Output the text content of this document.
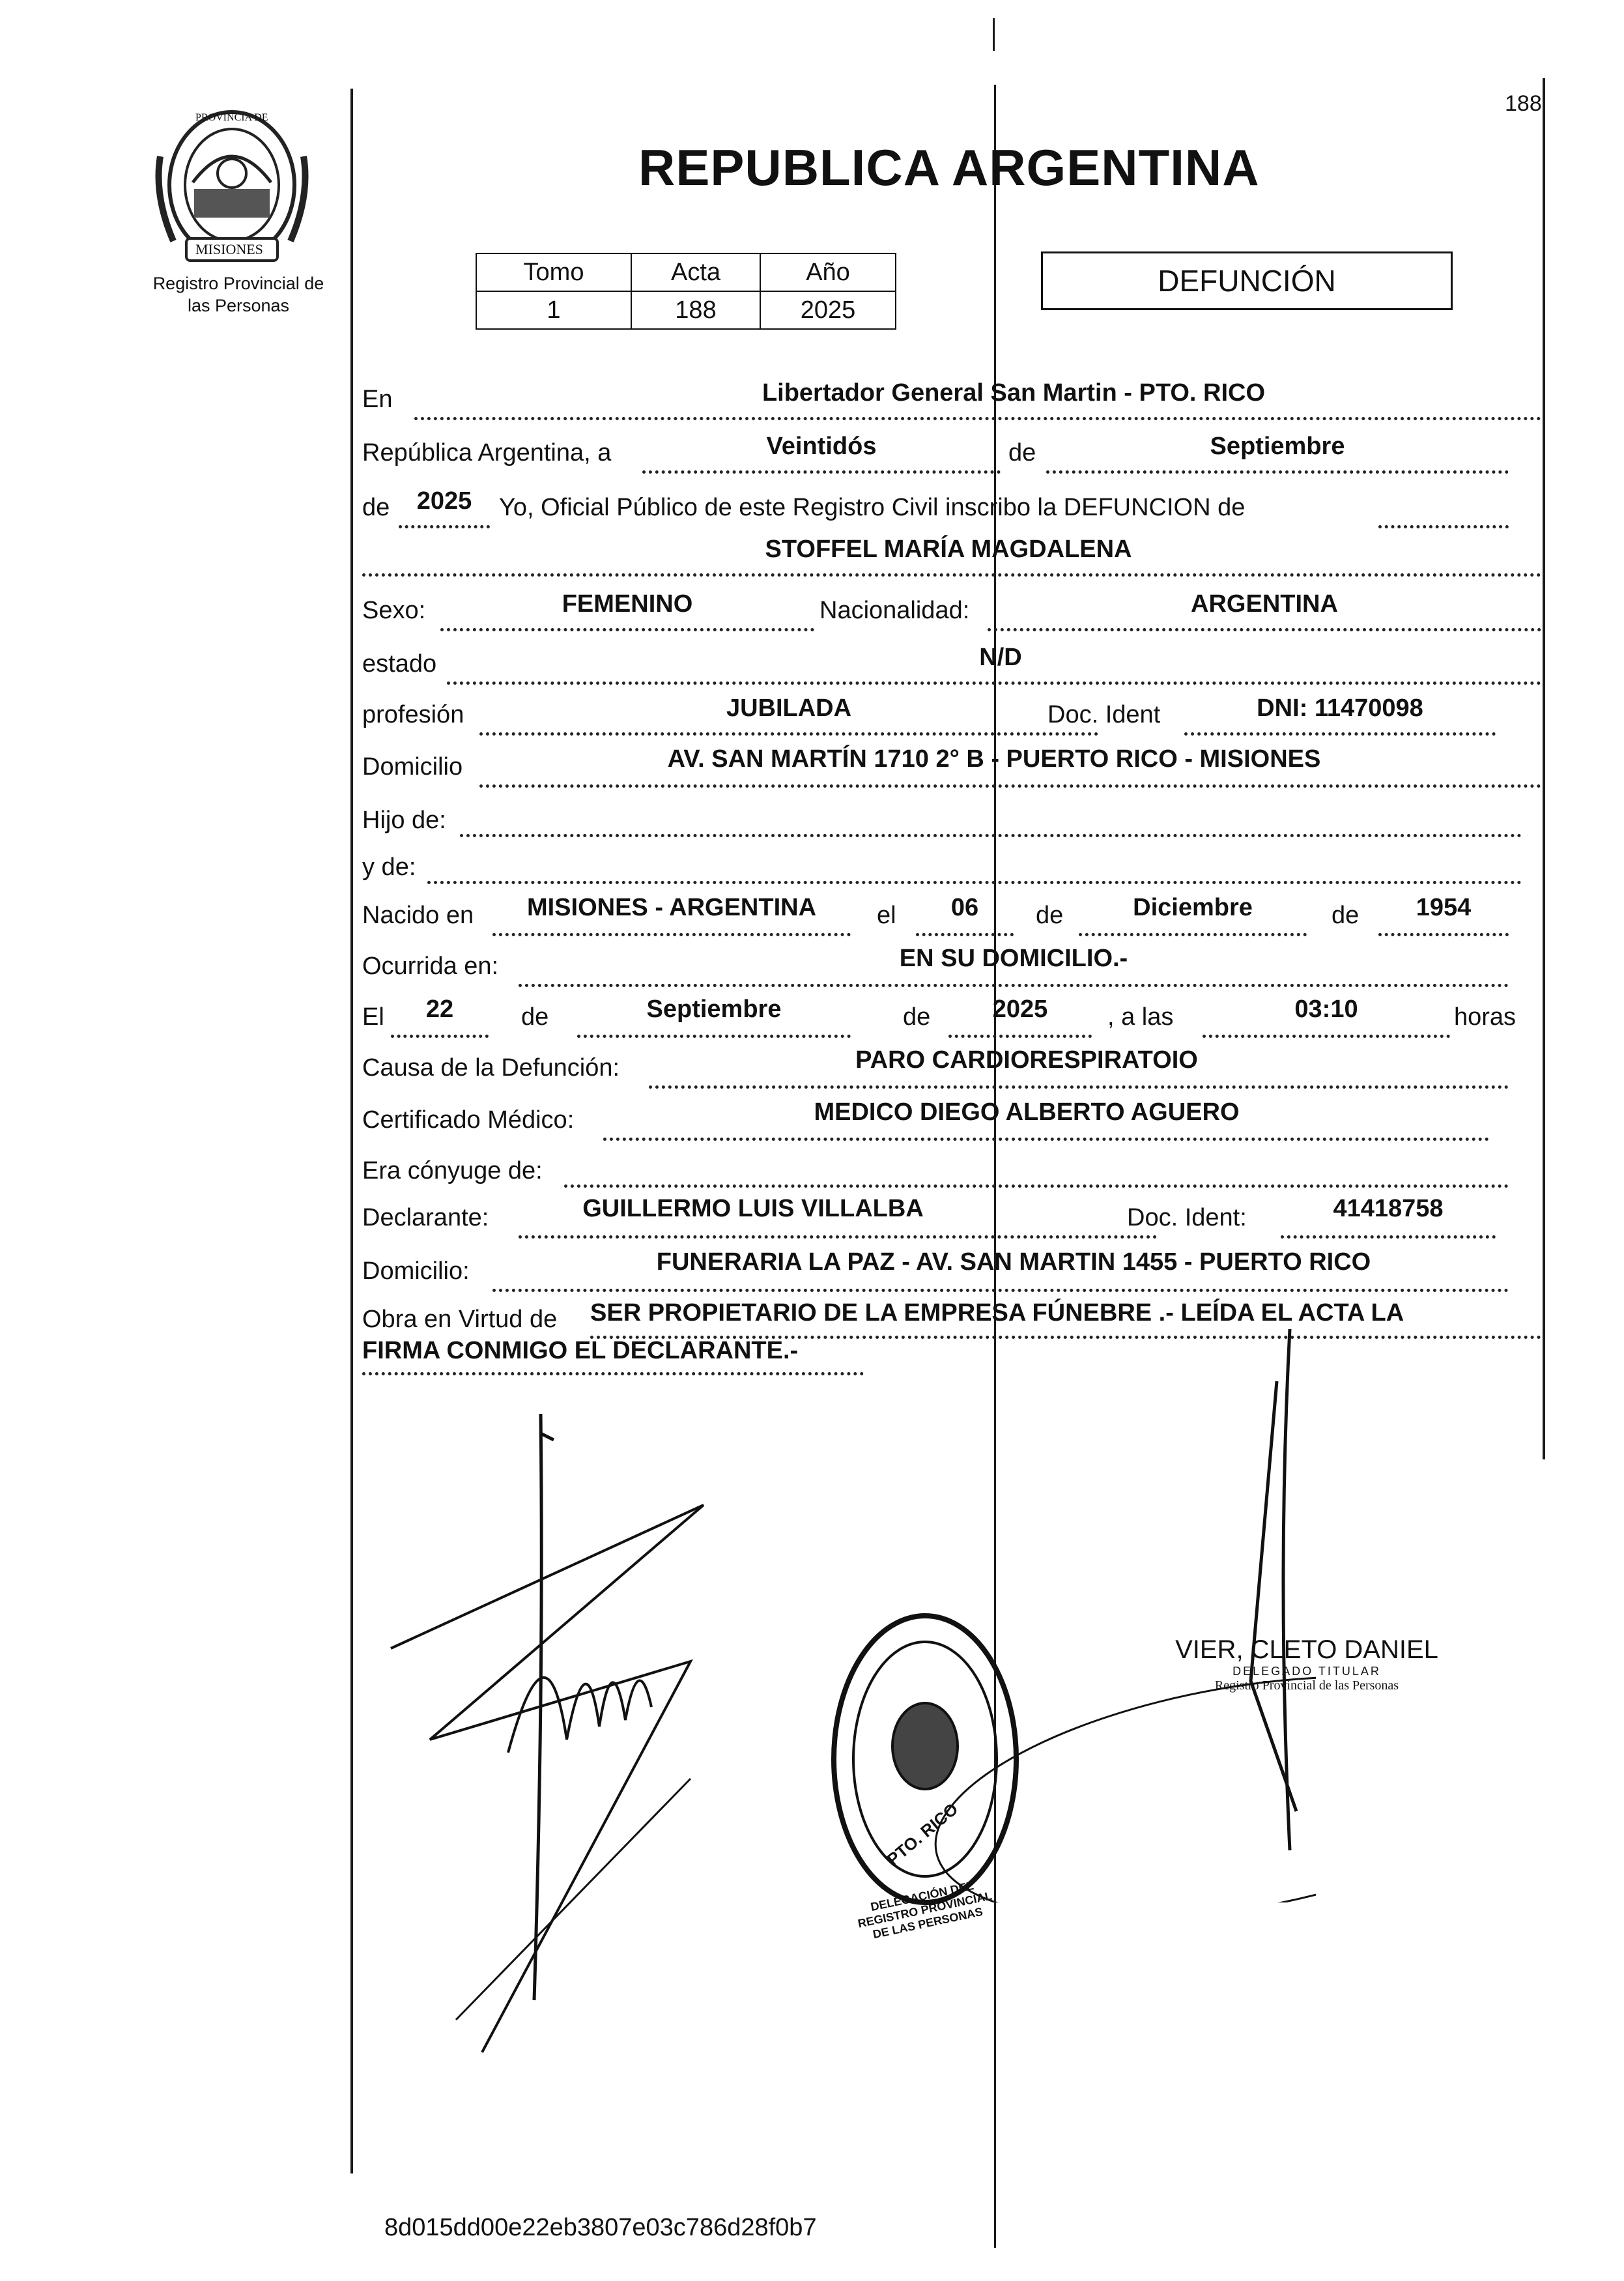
PROVINCIA DE
MISIONES
Registro Provincial de
las Personas
188
REPUBLICA ARGENTINA
Tomo	Acta	Año
1	188	2025
DEFUNCIÓN
En	Libertador General San Martin - PTO. RICO
República Argentina, a	Veintidós	de	Septiembre
de	2025	Yo, Oficial Público de este Registro Civil inscribo la DEFUNCION de
STOFFEL MARÍA MAGDALENA
Sexo:	FEMENINO	Nacionalidad:	ARGENTINA
estado	N/D
profesión	JUBILADA	Doc. Ident	DNI: 11470098
Domicilio	AV. SAN MARTÍN 1710 2° B - PUERTO RICO - MISIONES
Hijo de:
y de:
Nacido en	MISIONES - ARGENTINA	el	06	de	Diciembre	de	1954
Ocurrida en:	EN SU DOMICILIO.-
El	22	de	Septiembre	de	2025	, a las	03:10	horas
Causa de la Defunción:	PARO CARDIORESPIRATOIO
Certificado Médico:	MEDICO DIEGO ALBERTO AGUERO
Era cónyuge de:
Declarante:	GUILLERMO LUIS VILLALBA	Doc. Ident:	41418758
Domicilio:	FUNERARIA LA PAZ - AV. SAN MARTIN 1455 - PUERTO RICO
Obra en Virtud de SER PROPIETARIO DE LA EMPRESA FÚNEBRE .- LEÍDA EL ACTA LA
FIRMA CONMIGO EL DECLARANTE.-
DELEGACIÓN DEL REGISTRO PROVINCIAL DE LAS PERSONAS
PTO. RICO
VIER, CLETO DANIEL
DELEGADO TITULAR
Registro Provincial de las Personas
8d015dd00e22eb3807e03c786d28f0b7
